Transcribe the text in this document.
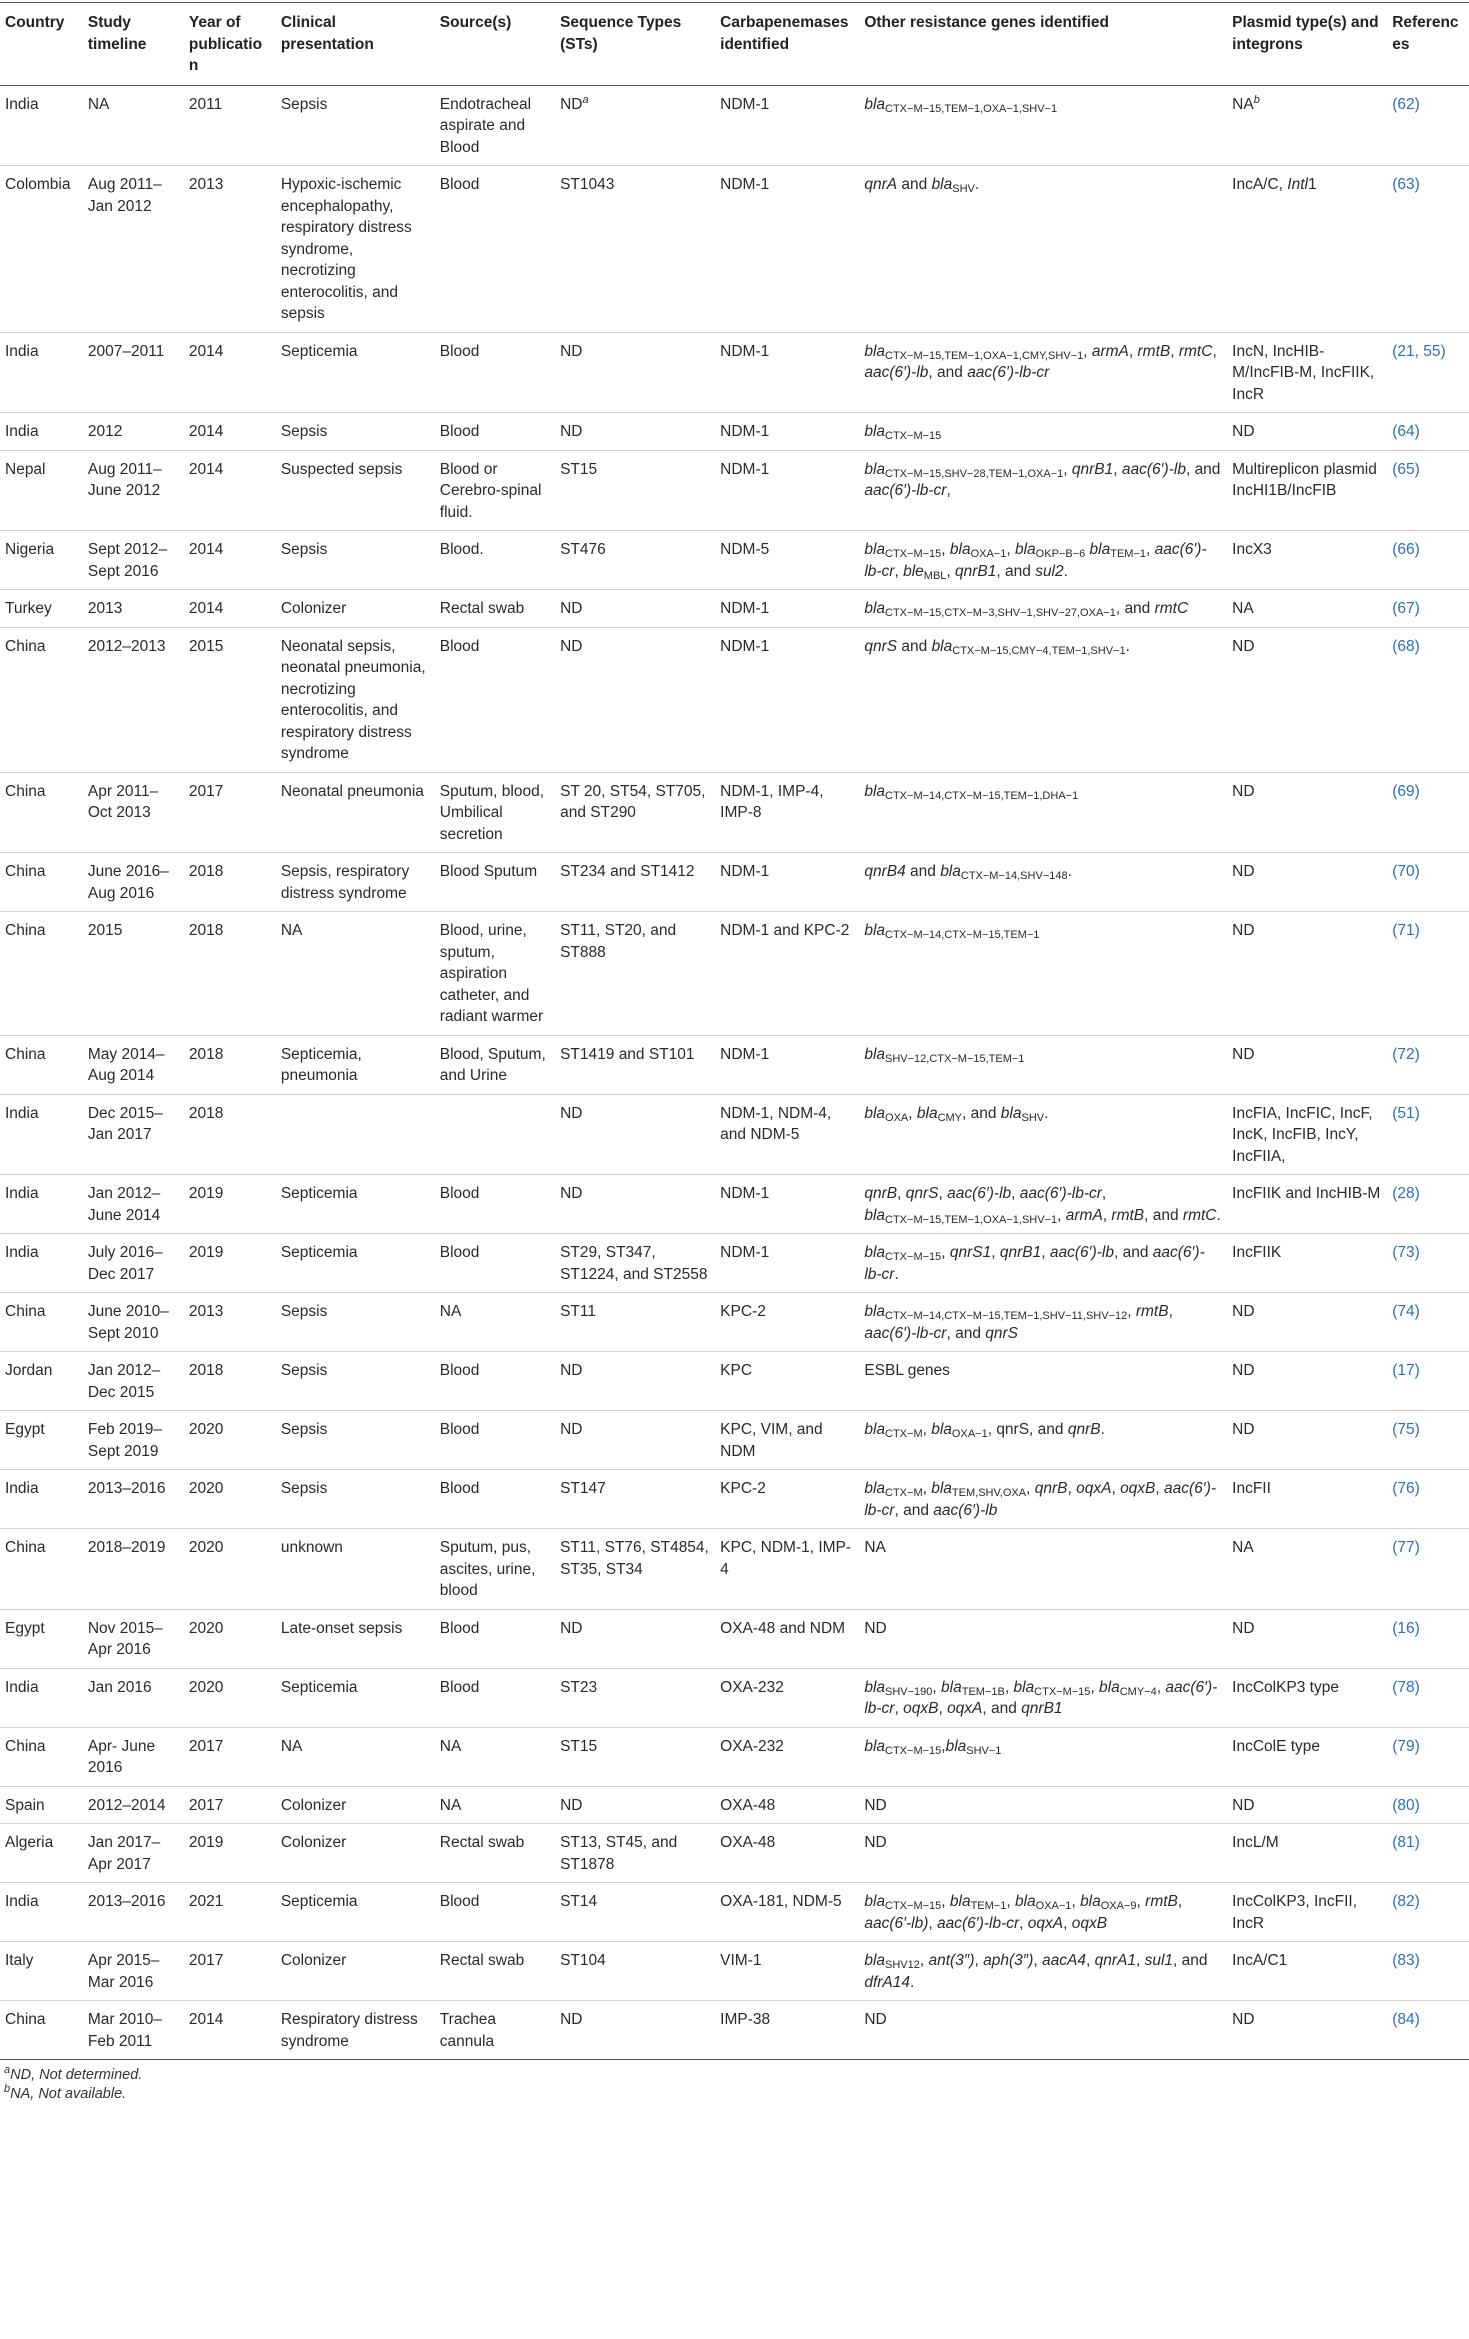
Country	Study timeline	Year of publication	Clinical presentation	Source(s)	Sequence Types (STs)	Carbapenemases identified	Other resistance genes identified	Plasmid type(s) and integrons	References
India	NA	2011	Sepsis	Endotracheal aspirate and Blood	$ND^a$	NDM-1	bla$_{CTX-M-15,TEM-1,OXA-1,SHV-1}$	$NA^b$	(62)
Colombia	Aug 2011–Jan 2012	2013	Hypoxic-ischemic encephalopathy, respiratory distress syndrome, necrotizing enterocolitis, and sepsis	Blood	ST1043	NDM-1	qnrA and bla$_{SHV}$.	IncA/C, Intl1	(63)
India	2007–2011	2014	Septicemia	Blood	ND	NDM-1	bla$_{CTX-M-15,TEM-1,OXA-1,CMY,SHV-1}$, armA, rmtB, rmtC, aac(6′)-lb, and aac(6′)-lb-cr	IncN, IncHIB-M/IncFIB-M, IncFIIK, IncR	(21, 55)
India	2012	2014	Sepsis	Blood	ND	NDM-1	bla$_{CTX-M-15}$	ND	(64)
Nepal	Aug 2011–June 2012	2014	Suspected sepsis	Blood or Cerebro-spinal fluid.	ST15	NDM-1	bla$_{CTX-M-15,SHV-28,TEM-1,OXA-1}$, qnrB1, aac(6′)-lb, and aac(6′)-lb-cr,	Multireplicon plasmid IncHI1B/IncFIB	(65)
Nigeria	Sept 2012–Sept 2016	2014	Sepsis	Blood.	ST476	NDM-5	bla$_{CTX-M-15}$, bla$_{OXA-1}$, bla$_{OKP-B-6}$ bla$_{TEM-1}$, aac(6′)-lb-cr, ble$_{MBL}$, qnrB1, and sul2.	IncX3	(66)
Turkey	2013	2014	Colonizer	Rectal swab	ND	NDM-1	bla$_{CTX-M-15,CTX-M-3,SHV-1,SHV-27,OXA-1}$, and rmtC	NA	(67)
China	2012–2013	2015	Neonatal sepsis, neonatal pneumonia, necrotizing enterocolitis, and respiratory distress syndrome	Blood	ND	NDM-1	qnrS and bla$_{CTX-M-15,CMY-4,TEM-1,SHV-1}$.	ND	(68)
China	Apr 2011–Oct 2013	2017	Neonatal pneumonia	Sputum, blood, Umbilical secretion	ST 20, ST54, ST705, and ST290	NDM-1, IMP-4, IMP-8	bla$_{CTX-M-14,CTX-M-15,TEM-1,DHA-1}$	ND	(69)
China	June 2016–Aug 2016	2018	Sepsis, respiratory distress syndrome	Blood Sputum	ST234 and ST1412	NDM-1	qnrB4 and bla$_{CTX-M-14,SHV-148}$.	ND	(70)
China	2015	2018	NA	Blood, urine, sputum, aspiration catheter, and radiant warmer	ST11, ST20, and ST888	NDM-1 and KPC-2	bla$_{CTX-M-14,CTX-M-15,TEM-1}$	ND	(71)
China	May 2014–Aug 2014	2018	Septicemia, pneumonia	Blood, Sputum, and Urine	ST1419 and ST101	NDM-1	bla$_{SHV-12,CTX-M-15,TEM-1}$	ND	(72)
India	Dec 2015–Jan 2017	2018			ND	NDM-1, NDM-4, and NDM-5	bla$_{OXA}$, bla$_{CMY}$, and bla$_{SHV}$.	IncFIA, IncFIC, IncF, IncK, IncFIB, IncY, IncFIIA,	(51)
India	Jan 2012–June 2014	2019	Septicemia	Blood	ND	NDM-1	qnrB, qnrS, aac(6′)-lb, aac(6′)-lb-cr, bla$_{CTX-M-15,TEM-1,OXA-1,SHV-1}$, armA, rmtB, and rmtC.	IncFIIK and IncHIB-M	(28)
India	July 2016–Dec 2017	2019	Septicemia	Blood	ST29, ST347, ST1224, and ST2558	NDM-1	bla$_{CTX-M-15}$, qnrS1, qnrB1, aac(6′)-lb, and aac(6′)-lb-cr.	IncFIIK	(73)
China	June 2010–Sept 2010	2013	Sepsis	NA	ST11	KPC-2	bla$_{CTX-M-14,CTX-M-15,TEM-1,SHV-11,SHV-12}$, rmtB, aac(6′)-lb-cr, and qnrS	ND	(74)
Jordan	Jan 2012–Dec 2015	2018	Sepsis	Blood	ND	KPC	ESBL genes	ND	(17)
Egypt	Feb 2019–Sept 2019	2020	Sepsis	Blood	ND	KPC, VIM, and NDM	bla$_{CTX-M}$, bla$_{OXA-1}$, qnrS, and qnrB.	ND	(75)
India	2013–2016	2020	Sepsis	Blood	ST147	KPC-2	bla$_{CTX-M}$, bla$_{TEM,SHV,OXA}$, qnrB, oqxA, oqxB, aac(6′)-lb-cr, and aac(6′)-lb	IncFII	(76)
China	2018–2019	2020	unknown	Sputum, pus, ascites, urine, blood	ST11, ST76, ST4854, ST35, ST34	KPC, NDM-1, IMP-4	NA	NA	(77)
Egypt	Nov 2015–Apr 2016	2020	Late-onset sepsis	Blood	ND	OXA-48 and NDM	ND	ND	(16)
India	Jan 2016	2020	Septicemia	Blood	ST23	OXA-232	bla$_{SHV-190}$, bla$_{TEM-1B}$, bla$_{CTX-M-15}$, bla$_{CMY-4}$, aac(6′)-lb-cr, oqxB, oqxA, and qnrB1	IncColKP3 type	(78)
China	Apr- June 2016	2017	NA	NA	ST15	OXA-232	bla$_{CTX-M-15}$,bla$_{SHV-1}$	IncColE type	(79)
Spain	2012–2014	2017	Colonizer	NA	ND	OXA-48	ND	ND	(80)
Algeria	Jan 2017–Apr 2017	2019	Colonizer	Rectal swab	ST13, ST45, and ST1878	OXA-48	ND	IncL/M	(81)
India	2013–2016	2021	Septicemia	Blood	ST14	OXA-181, NDM-5	bla$_{CTX-M-15}$, bla$_{TEM-1}$, bla$_{OXA-1}$, bla$_{OXA-9}$, rmtB, aac(6′-lb), aac(6′)-lb-cr, oqxA, oqxB	IncColKP3, IncFII, IncR	(82)
Italy	Apr 2015–Mar 2016	2017	Colonizer	Rectal swab	ST104	VIM-1	bla$_{SHV12}$, ant(3″), aph(3″), aacA4, qnrA1, sul1, and dfrA14.	IncA/C1	(83)
China	Mar 2010–Feb 2011	2014	Respiratory distress syndrome	Trachea cannula	ND	IMP-38	ND	ND	(84)
$^a$ND, Not determined.
$^b$NA, Not available.
